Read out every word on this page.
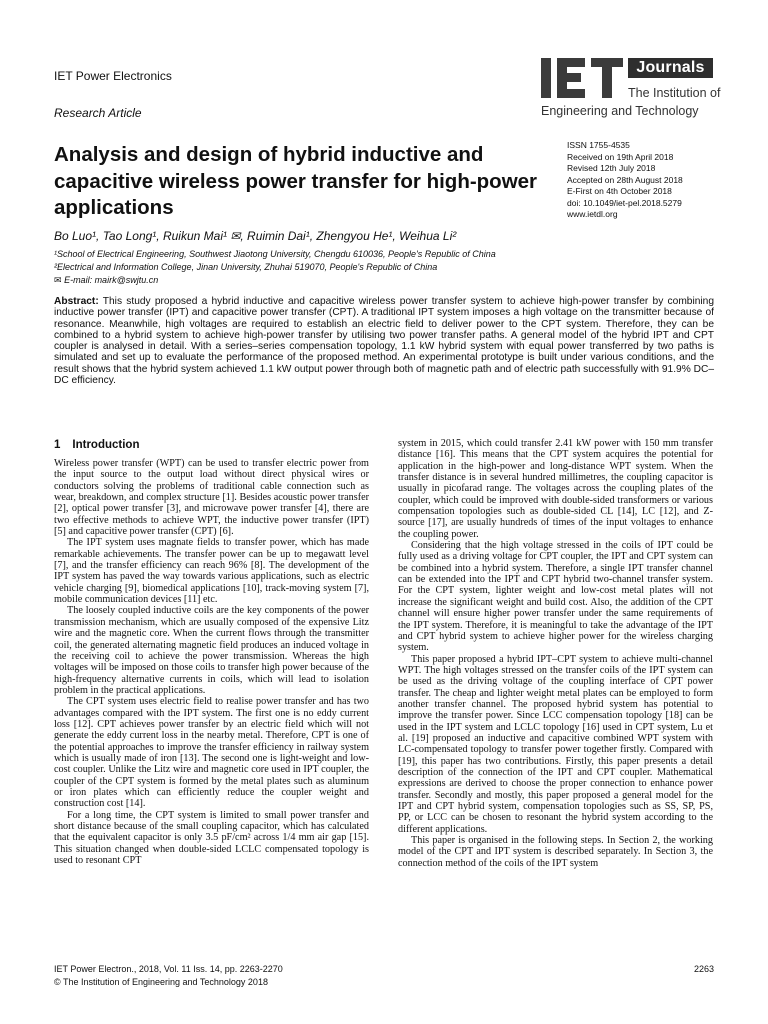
IET Power Electronics
Research Article
Journals
The Institution of
Engineering and Technology
ISSN 1755-4535
Received on 19th April 2018
Revised 12th July 2018
Accepted on 28th August 2018
E-First on 4th October 2018
doi: 10.1049/iet-pel.2018.5279
www.ietdl.org
Analysis and design of hybrid inductive and capacitive wireless power transfer for high-power applications
Bo Luo¹, Tao Long¹, Ruikun Mai¹ ✉, Ruimin Dai¹, Zhengyou He¹, Weihua Li²
¹School of Electrical Engineering, Southwest Jiaotong University, Chengdu 610036, People's Republic of China
²Electrical and Information College, Jinan University, Zhuhai 519070, People's Republic of China
✉ E-mail: mairk@swjtu.cn

Abstract: This study proposed a hybrid inductive and capacitive wireless power transfer system to achieve high-power transfer by combining inductive power transfer (IPT) and capacitive power transfer (CPT). A traditional IPT system imposes a high voltage on the transmitter because of resonance. Meanwhile, high voltages are required to establish an electric field to deliver power to the CPT system. Therefore, they can be combined to a hybrid system to achieve high-power transfer by utilising two power transfer paths. A general model of the hybrid IPT and CPT coupler is analysed in detail. With a series–series compensation topology, 1.1 kW hybrid system with equal power transferred by two paths is simulated and set up to evaluate the performance of the proposed method. An experimental prototype is built under various conditions, and the result shows that the hybrid system achieved 1.1 kW output power through both of magnetic path and of electric path successfully with 91.9% DC–DC efficiency.

1 Introduction

Wireless power transfer (WPT) can be used to transfer electric power from the input source to the output load without direct physical wires or conductors solving the problems of traditional cable connection such as wear, breakdown, and complex structure [1]. Besides acoustic power transfer [2], optical power transfer [3], and microwave power transfer [4], there are two effective methods to achieve WPT, the inductive power transfer (IPT) [5] and capacitive power transfer (CPT) [6].

The IPT system uses magnate fields to transfer power, which has made remarkable achievements. The transfer power can be up to megawatt level [7], and the transfer efficiency can reach 96% [8]. The development of the IPT system has paved the way towards various applications, such as electric vehicle charging [9], biomedical applications [10], track-moving system [7], mobile communication devices [11] etc.

The loosely coupled inductive coils are the key components of the power transmission mechanism, which are usually composed of the expensive Litz wire and the magnetic core. When the current flows through the transmitter coil, the generated alternating magnetic field produces an induced voltage in the receiving coil to achieve the power transmission. Whereas the high voltages will be imposed on those coils to transfer high power because of the high-frequency alternative currents in coils, which will lead to isolation problem in the practical applications.

The CPT system uses electric field to realise power transfer and has two advantages compared with the IPT system. The first one is no eddy current loss [12]. CPT achieves power transfer by an electric field which will not generate the eddy current loss in the nearby metal. Therefore, CPT is one of the potential approaches to improve the transfer efficiency in railway system which is usually made of iron [13]. The second one is light-weight and low-cost coupler. Unlike the Litz wire and magnetic core used in IPT coupler, the coupler of the CPT system is formed by the metal plates such as aluminum or iron plates which can efficiently reduce the coupler weight and construction cost [14].

For a long time, the CPT system is limited to small power transfer and short distance because of the small coupling capacitor, which has calculated that the equivalent capacitor is only 3.5 pF/cm² across 1/4 mm air gap [15]. This situation changed when double-sided LCLC compensated topology is used to resonant CPT

system in 2015, which could transfer 2.41 kW power with 150 mm transfer distance [16]. This means that the CPT system acquires the potential for application in the high-power and long-distance WPT system. When the transfer distance is in several hundred millimetres, the coupling capacitor is usually in picofarad range. The voltages across the coupling plates of the coupler, which could be improved with double-sided transformers or various compensation topologies such as double-sided CL [14], LC [12], and Z-source [17], are usually hundreds of times of the input voltages to enhance the coupling power.

Considering that the high voltage stressed in the coils of IPT could be fully used as a driving voltage for CPT coupler, the IPT and CPT system can be combined into a hybrid system. Therefore, a single IPT transfer channel can be extended into the IPT and CPT hybrid two-channel transfer system. For the CPT system, lighter weight and low-cost metal plates will not increase the significant weight and build cost. Also, the addition of the CPT channel will ensure higher power transfer under the same requirements of the IPT system. Therefore, it is meaningful to take the advantage of the IPT and CPT hybrid system to achieve higher power for the wireless charging system.

This paper proposed a hybrid IPT–CPT system to achieve multi-channel WPT. The high voltages stressed on the transfer coils of the IPT system can be used as the driving voltage of the coupling interface of CPT power transfer. The cheap and lighter weight metal plates can be employed to form another transfer channel. The proposed hybrid system has potential to improve the transfer power. Since LCC compensation topology [18] can be used in the IPT system and LCLC topology [16] used in CPT system, Lu et al. [19] proposed an inductive and capacitive combined WPT system with LC-compensated topology to transfer power together firstly. Compared with [19], this paper has two contributions. Firstly, this paper presents a detail description of the connection of the IPT and CPT coupler. Mathematical expressions are derived to choose the proper connection to enhance power transfer. Secondly and mostly, this paper proposed a general model for the IPT and CPT hybrid system, compensation topologies such as SS, SP, PS, PP, or LCC can be chosen to resonant the hybrid system according to the different applications.

This paper is organised in the following steps. In Section 2, the working model of the CPT and IPT system is described separately. In Section 3, the connection method of the coils of the IPT system

IET Power Electron., 2018, Vol. 11 Iss. 14, pp. 2263-2270
© The Institution of Engineering and Technology 2018
2263
